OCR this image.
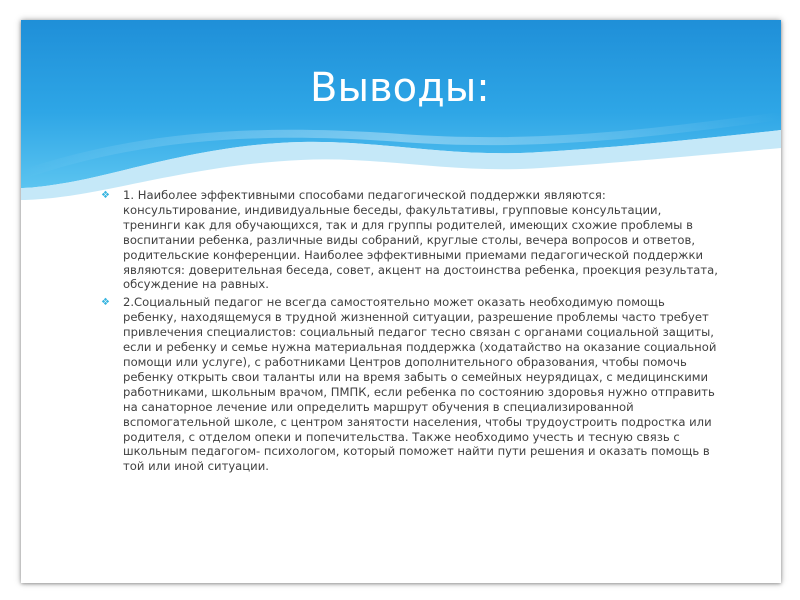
Выводы:
❖ 1. Наиболее эффективными способами педагогической поддержки являются: консультирование, индивидуальные беседы, факультативы, групповые консультации, тренинги как для обучающихся, так и для группы родителей, имеющих схожие проблемы в воспитании ребенка, различные виды собраний, круглые столы, вечера вопросов и ответов, родительские конференции. Наиболее эффективными приемами педагогической поддержки являются: доверительная беседа, совет, акцент на достоинства ребенка, проекция результата, обсуждение на равных.
❖ 2.Социальный педагог не всегда самостоятельно может оказать необходимую помощь ребенку, находящемуся в трудной жизненной ситуации, разрешение проблемы часто требует привлечения специалистов: социальный педагог тесно связан с органами социальной защиты, если и ребенку и семье нужна материальная поддержка (ходатайство на оказание социальной помощи или услуге), с работниками Центров дополнительного образования, чтобы помочь ребенку открыть свои таланты или на время забыть о семейных неурядицах, с медицинскими работниками, школьным врачом, ПМПК, если ребенка по состоянию здоровья нужно отправить на санаторное лечение или определить маршрут обучения в специализированной вспомогательной школе, с центром занятости населения, чтобы трудоустроить подростка или родителя, с отделом опеки и попечительства. Также необходимо учесть и тесную связь с школьным педагогом- психологом, который поможет найти пути решения и оказать помощь в той или иной ситуации.
